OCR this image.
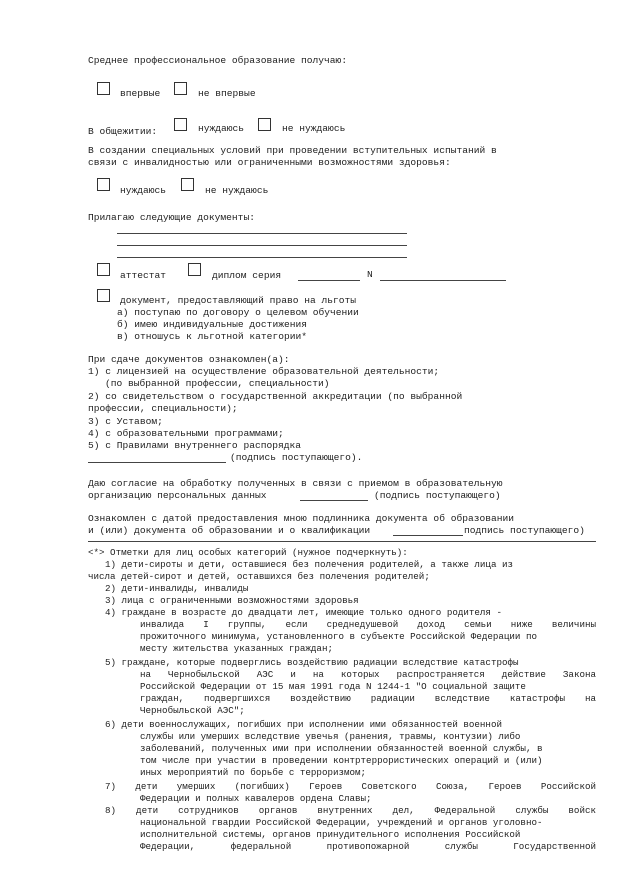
Среднее профессиональное образование получаю:
впервые	не впервые
В общежитии:	нуждаюсь	не нуждаюсь
В создании специальных условий при проведении вступительных испытаний в
связи с инвалидностью или ограниченными возможностями здоровья:
нуждаюсь	не нуждаюсь
Прилагаю следующие документы:
аттестат	диплом серия	N
документ, предоставляющий право на льготы
а) поступаю по договору о целевом обучении
б) имею индивидуальные достижения
в) отношусь к льготной категории*
При сдаче документов ознакомлен(а):
1) с лицензией на осуществление образовательной деятельности;
(по выбранной профессии, специальности)
2) со свидетельством о государственной аккредитации (по выбранной
профессии, специальности);
3) с Уставом;
4) с образовательными программами;
5) с Правилами внутреннего распорядка
(подпись поступающего).
Даю согласие на обработку полученных в связи с приемом в образовательную
организацию персональных данных	(подпись поступающего)
Ознакомлен с датой предоставления мною подлинника документа об образовании
и (или) документа об образовании и о квалификации	подпись поступающего)
<*> Отметки для лиц особых категорий (нужное подчеркнуть):
1) дети-сироты и дети, оставшиеся без полечения родителей, а также лица из
числа детей-сирот и детей, оставшихся без полечения родителей;
2) дети-инвалиды, инвалиды
3) лица с ограниченными возможностями здоровья
4) граждане в возрасте до двадцати лет, имеющие только одного родителя -
инвалида I группы, если среднедушевой доход семьи ниже величины
прожиточного минимума, установленного в субъекте Российской Федерации по
месту жительства указанных граждан;
5) граждане, которые подверглись воздействию радиации вследствие катастрофы
на Чернобыльской АЭС и на которых распространяется действие Закона
Российской Федерации от 15 мая 1991 года N 1244-1 "О социальной защите
граждан, подвергшихся воздействию радиации вследствие катастрофы на
Чернобыльской АЭС";
6) дети военнослужащих, погибших при исполнении ими обязанностей военной
службы или умерших вследствие увечья (ранения, травмы, контузии) либо
заболеваний, полученных ими при исполнении обязанностей военной службы, в
том числе при участии в проведении контртеррористических операций и (или)
иных мероприятий по борьбе с терроризмом;
7) дети умерших (погибших) Героев Советского Союза, Героев Российской
Федерации и полных кавалеров ордена Славы;
8) дети сотрудников органов внутренних дел, Федеральной службы войск
национальной гвардии Российской Федерации, учреждений и органов уголовно-
исполнительной системы, органов принудительного исполнения Российской
Федерации, федеральной противопожарной службы Государственной
